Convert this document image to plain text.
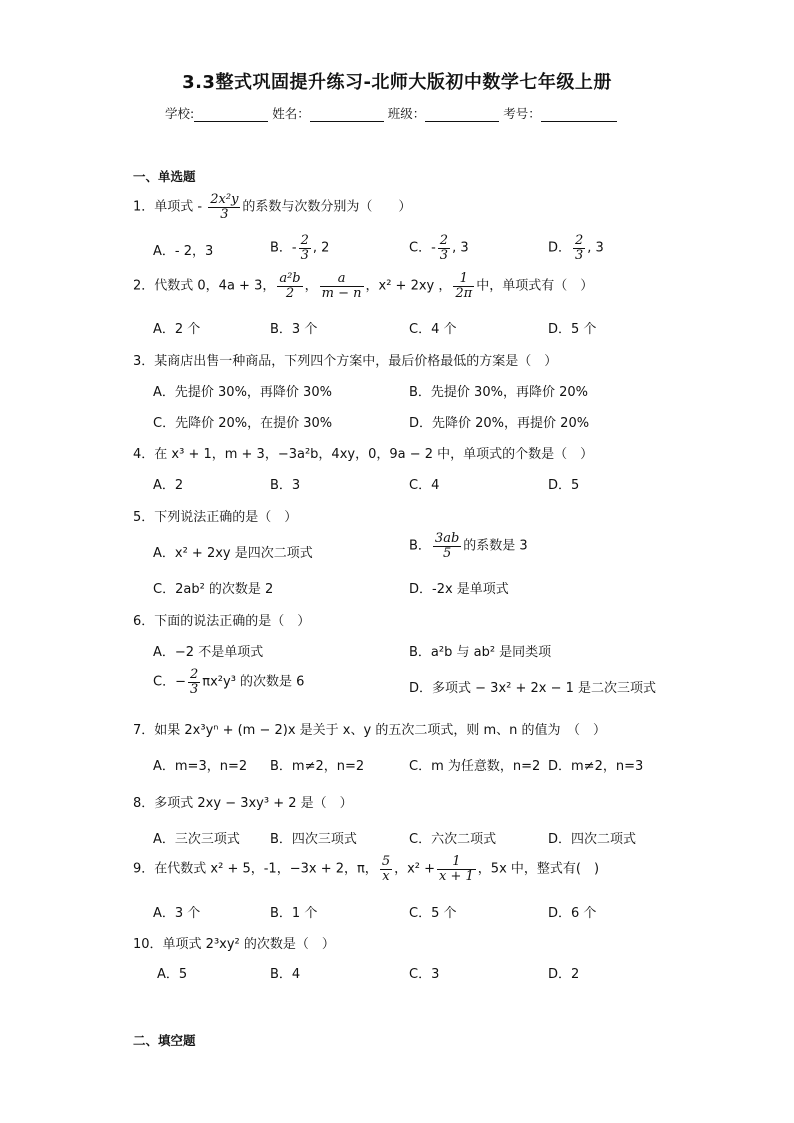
3.3整式巩固提升练习-北师大版初中数学七年级上册
学校:	姓名：	班级：	考号：
一、单选题
1．单项式 - $\frac{\text{2x²y}}{3}$ 的系数与次数分别为（　　）
A．- 2，3	B．- $\frac{2}{3}$ , 2	C．- $\frac{2}{3}$ , 3	D． $\frac{2}{3}$ , 3
2．代数式 0，4a + 3， $\frac{\text{a²b}}{2}$ ， $\frac{a}{m - n}$ ，x² + 2xy ， $\frac{1}{2\pi}$ 中，单项式有（　）
A．2 个	B．3 个	C．4 个	D．5 个
3．某商店出售一种商品，下列四个方案中，最后价格最低的方案是（　）
A．先提价 30%，再降价 30%	B．先提价 30%，再降价 20%
C．先降价 20%，在提价 30%	D．先降价 20%，再提价 20%
4．在 x³ + 1，m + 3，−3a²b，4xy，0，9a − 2 中，单项式的个数是（　）
A．2	B．3	C．4	D．5
5．下列说法正确的是（　）
A．x² + 2xy 是四次二项式	B． $\frac{3ab}{5}$ 的系数是 3
C．2ab² 的次数是 2	D．-2x 是单项式
6．下面的说法正确的是（　）
A．−2 不是单项式	B．a²b 与 ab² 是同类项
C．− $\frac{2}{3} \pi x^2y^3$ 的次数是 6	D．多项式 − 3x² + 2x − 1 是二次三项式
7．如果 2x³yⁿ + (m − 2)x 是关于 x、y 的五次二项式，则 m、n 的值为　（　）
A．m=3，n=2 B．m≠2，n=2	C．m 为任意数，n=2 D．m≠2，n=3
8．多项式 2xy − 3xy³ + 2 是（　）
A．三次三项式 B．四次三项式	C．六次二项式	D．四次二项式
9．在代数式 x² + 5，-1，−3x + 2，π， $\frac{5}{x}$ ，$x^2 + \frac{1}{x + 1}$ ，5x 中，整式有(　)
A．3 个	B．1 个	C．5 个	D．6 个
10．单项式 2³xy² 的次数是（　）
A．5	B．4	C．3	D．2
二、填空题
